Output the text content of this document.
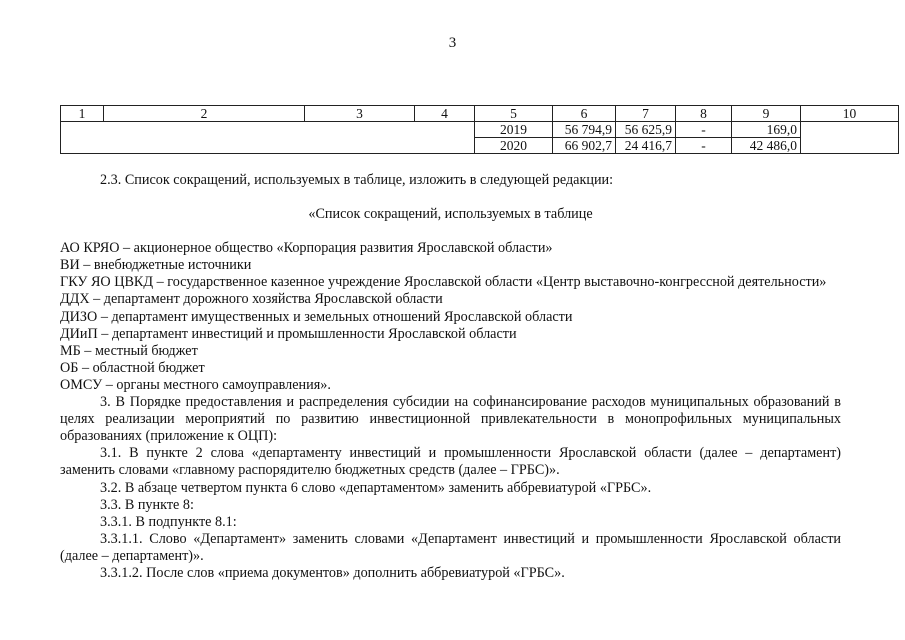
3
1	2	3	4	5	6	7	8	9	10
				2019	56 794,9	56 625,9	-	169,0	
				2020	66 902,7	24 416,7	-	42 486,0	

2.3. Список сокращений, используемых в таблице, изложить в следующей редакции:

«Список сокращений, используемых в таблице

АО КРЯО – акционерное общество «Корпорация развития Ярославской области»

ВИ – внебюджетные источники

ГКУ ЯО ЦВКД – государственное казенное учреждение Ярославской области «Центр выставочно-конгрессной деятельности»

ДДХ – департамент дорожного хозяйства Ярославской области

ДИЗО – департамент имущественных и земельных отношений Ярославской области

ДИиП – департамент инвестиций и промышленности Ярославской области

МБ – местный бюджет

ОБ – областной бюджет

ОМСУ – органы местного самоуправления».

3. В Порядке предоставления и распределения субсидии на софинансирование расходов муниципальных образований в целях реализации мероприятий по развитию инвестиционной привлекательности в монопрофильных муниципальных образованиях (приложение к ОЦП):

3.1. В пункте 2 слова «департаменту инвестиций и промышленности Ярославской области (далее – департамент) заменить словами «главному распорядителю бюджетных средств (далее – ГРБС)».

3.2. В абзаце четвертом пункта 6 слово «департаментом» заменить аббревиатурой «ГРБС».

3.3. В пункте 8:

3.3.1. В подпункте 8.1:

3.3.1.1. Слово «Департамент» заменить словами «Департамент инвестиций и промышленности Ярославской области (далее – департамент)».

3.3.1.2. После слов «приема документов» дополнить аббревиатурой «ГРБС».
